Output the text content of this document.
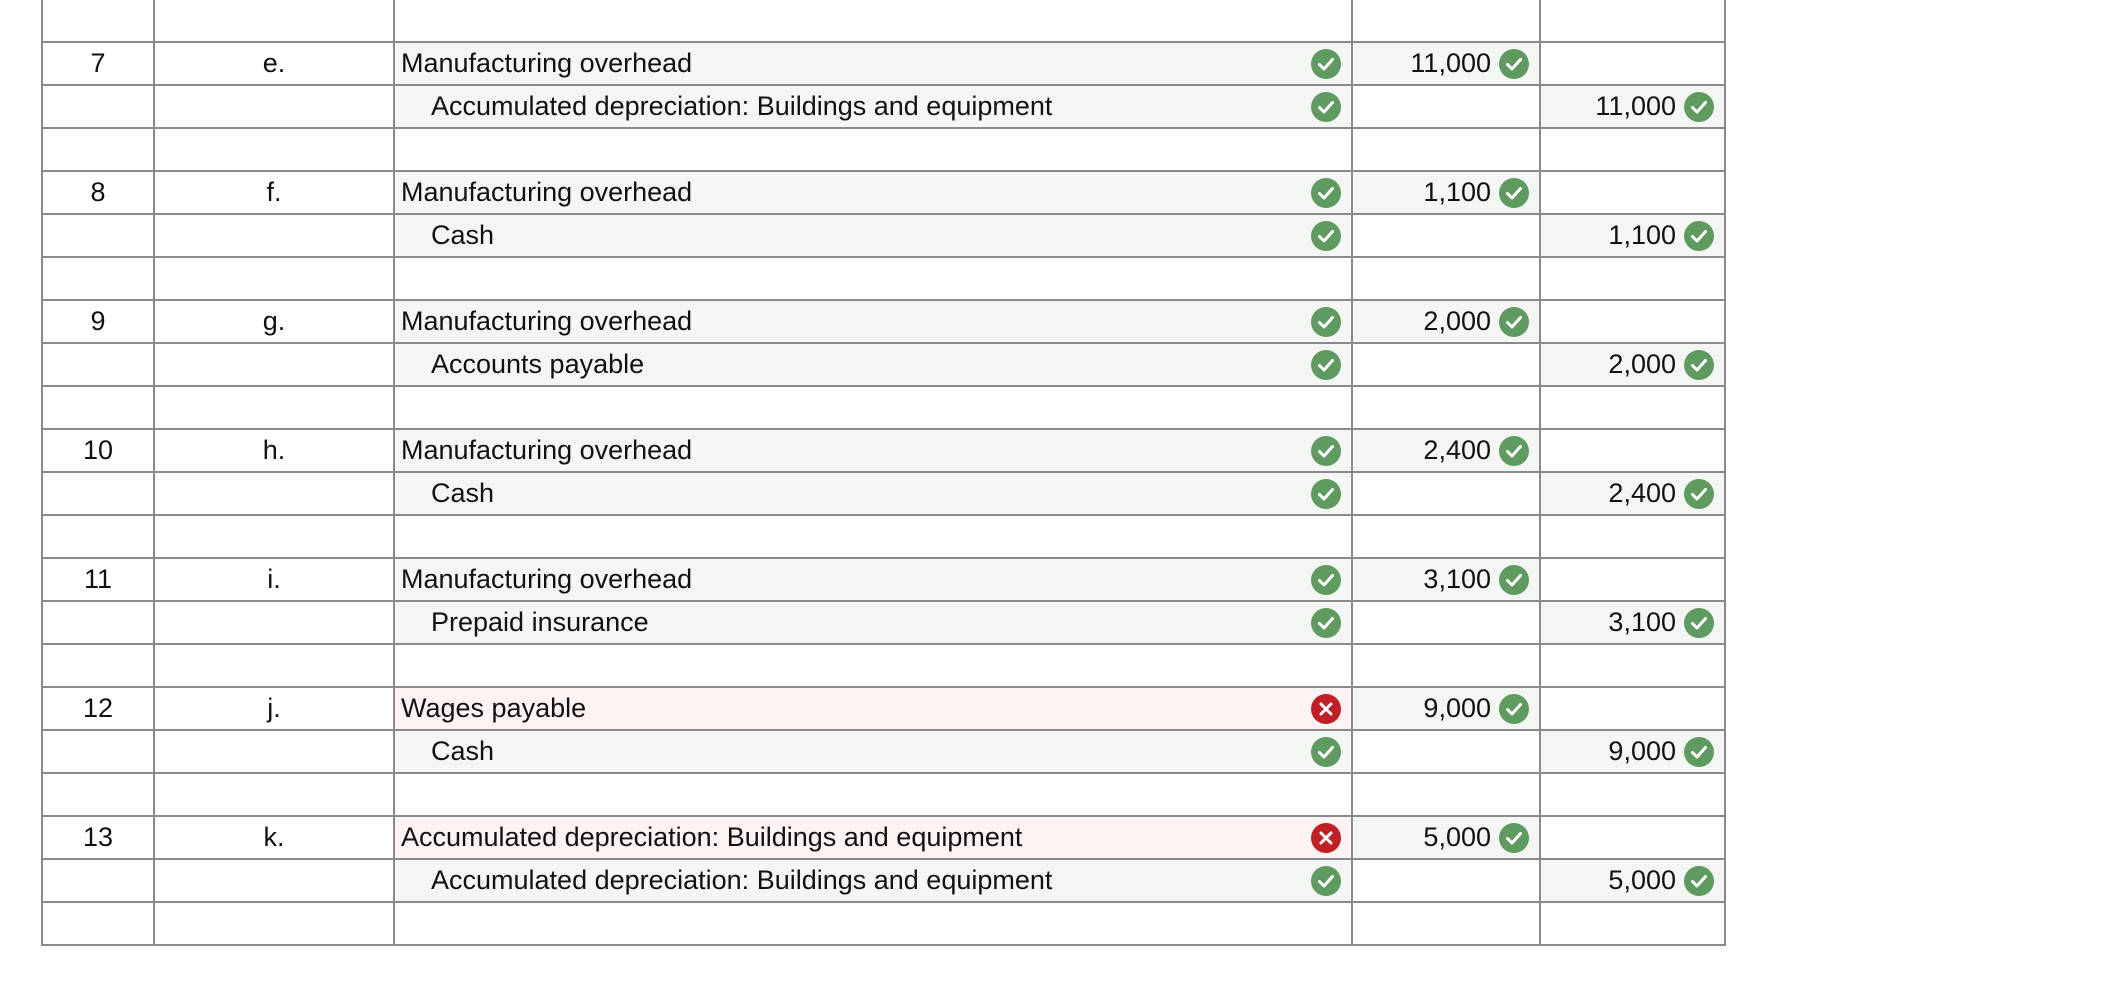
7	e.	Manufacturing overhead	11,000	

		Accumulated depreciation: Buildings and equipment		11,000

8	f.	Manufacturing overhead	1,100	

		Cash		1,100

9	g.	Manufacturing overhead	2,000	

		Accounts payable		2,000

10	h.	Manufacturing overhead	2,400	

		Cash		2,400

11	i.	Manufacturing overhead	3,100	

		Prepaid insurance		3,100

12	j.	Wages payable	9,000	

		Cash		9,000

13	k.	Accumulated depreciation: Buildings and equipment	5,000	

		Accumulated depreciation: Buildings and equipment		5,000
